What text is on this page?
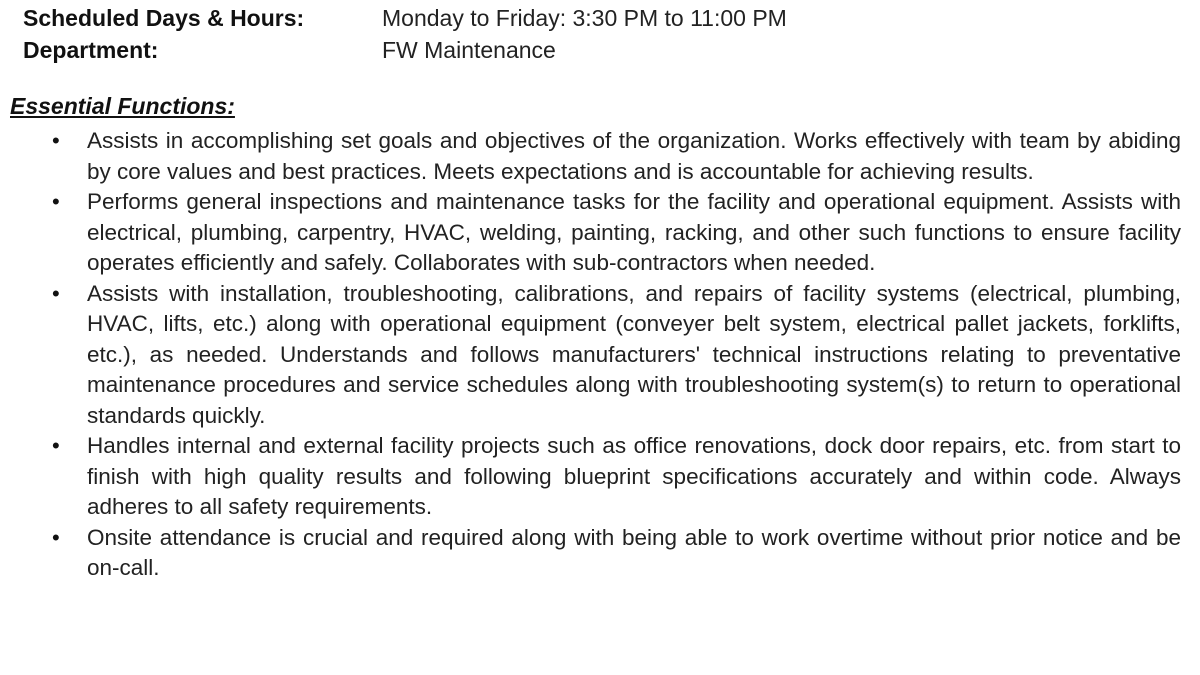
Scheduled Days & Hours:	Monday to Friday: 3:30 PM to 11:00 PM
Department:	FW Maintenance
Essential Functions:
• Assists in accomplishing set goals and objectives of the organization. Works effectively with team by abiding by core values and best practices. Meets expectations and is accountable for achieving results.
• Performs general inspections and maintenance tasks for the facility and operational equipment. Assists with electrical, plumbing, carpentry, HVAC, welding, painting, racking, and other such functions to ensure facility operates efficiently and safely. Collaborates with sub-contractors when needed.
• Assists with installation, troubleshooting, calibrations, and repairs of facility systems (electrical, plumbing, HVAC, lifts, etc.) along with operational equipment (conveyer belt system, electrical pallet jackets, forklifts, etc.), as needed. Understands and follows manufacturers' technical instructions relating to preventative maintenance procedures and service schedules along with troubleshooting system(s) to return to operational standards quickly.
• Handles internal and external facility projects such as office renovations, dock door repairs, etc. from start to finish with high quality results and following blueprint specifications accurately and within code. Always adheres to all safety requirements.
• Onsite attendance is crucial and required along with being able to work overtime without prior notice and be on-call.
